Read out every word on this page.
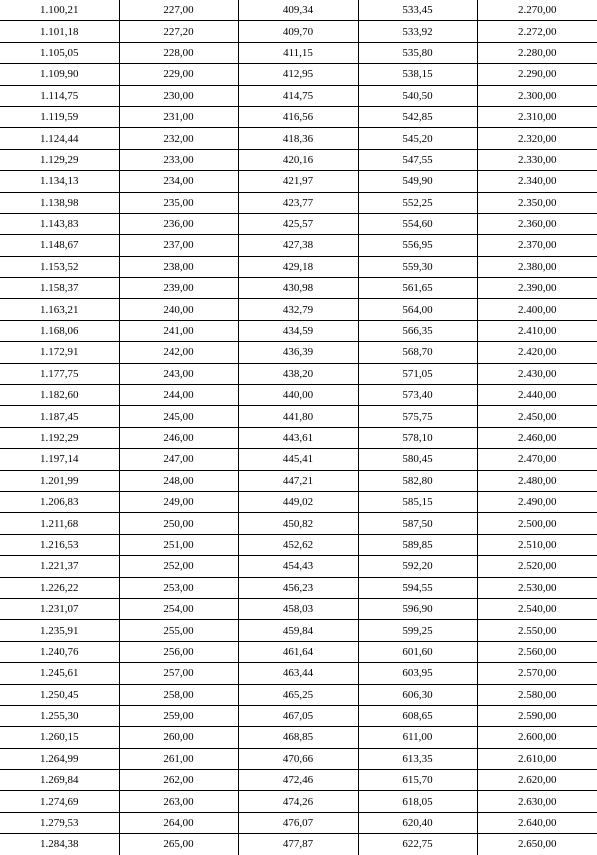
1.100,21	227,00	409,34	533,45	2.270,00
1.101,18	227,20	409,70	533,92	2.272,00
1.105,05	228,00	411,15	535,80	2.280,00
1.109,90	229,00	412,95	538,15	2.290,00
1.114,75	230,00	414,75	540,50	2.300,00
1.119,59	231,00	416,56	542,85	2.310,00
1.124,44	232,00	418,36	545,20	2.320,00
1.129,29	233,00	420,16	547,55	2.330,00
1.134,13	234,00	421,97	549,90	2.340,00
1.138,98	235,00	423,77	552,25	2.350,00
1.143,83	236,00	425,57	554,60	2.360,00
1.148,67	237,00	427,38	556,95	2.370,00
1.153,52	238,00	429,18	559,30	2.380,00
1.158,37	239,00	430,98	561,65	2.390,00
1.163,21	240,00	432,79	564,00	2.400,00
1.168,06	241,00	434,59	566,35	2.410,00
1.172,91	242,00	436,39	568,70	2.420,00
1.177,75	243,00	438,20	571,05	2.430,00
1.182,60	244,00	440,00	573,40	2.440,00
1.187,45	245,00	441,80	575,75	2.450,00
1.192,29	246,00	443,61	578,10	2.460,00
1.197,14	247,00	445,41	580,45	2.470,00
1.201,99	248,00	447,21	582,80	2.480,00
1.206,83	249,00	449,02	585,15	2.490,00
1.211,68	250,00	450,82	587,50	2.500,00
1.216,53	251,00	452,62	589,85	2.510,00
1.221,37	252,00	454,43	592,20	2.520,00
1.226,22	253,00	456,23	594,55	2.530,00
1.231,07	254,00	458,03	596,90	2.540,00
1.235,91	255,00	459,84	599,25	2.550,00
1.240,76	256,00	461,64	601,60	2.560,00
1.245,61	257,00	463,44	603,95	2.570,00
1.250,45	258,00	465,25	606,30	2.580,00
1.255,30	259,00	467,05	608,65	2.590,00
1.260,15	260,00	468,85	611,00	2.600,00
1.264,99	261,00	470,66	613,35	2.610,00
1.269,84	262,00	472,46	615,70	2.620,00
1.274,69	263,00	474,26	618,05	2.630,00
1.279,53	264,00	476,07	620,40	2.640,00
1.284,38	265,00	477,87	622,75	2.650,00
